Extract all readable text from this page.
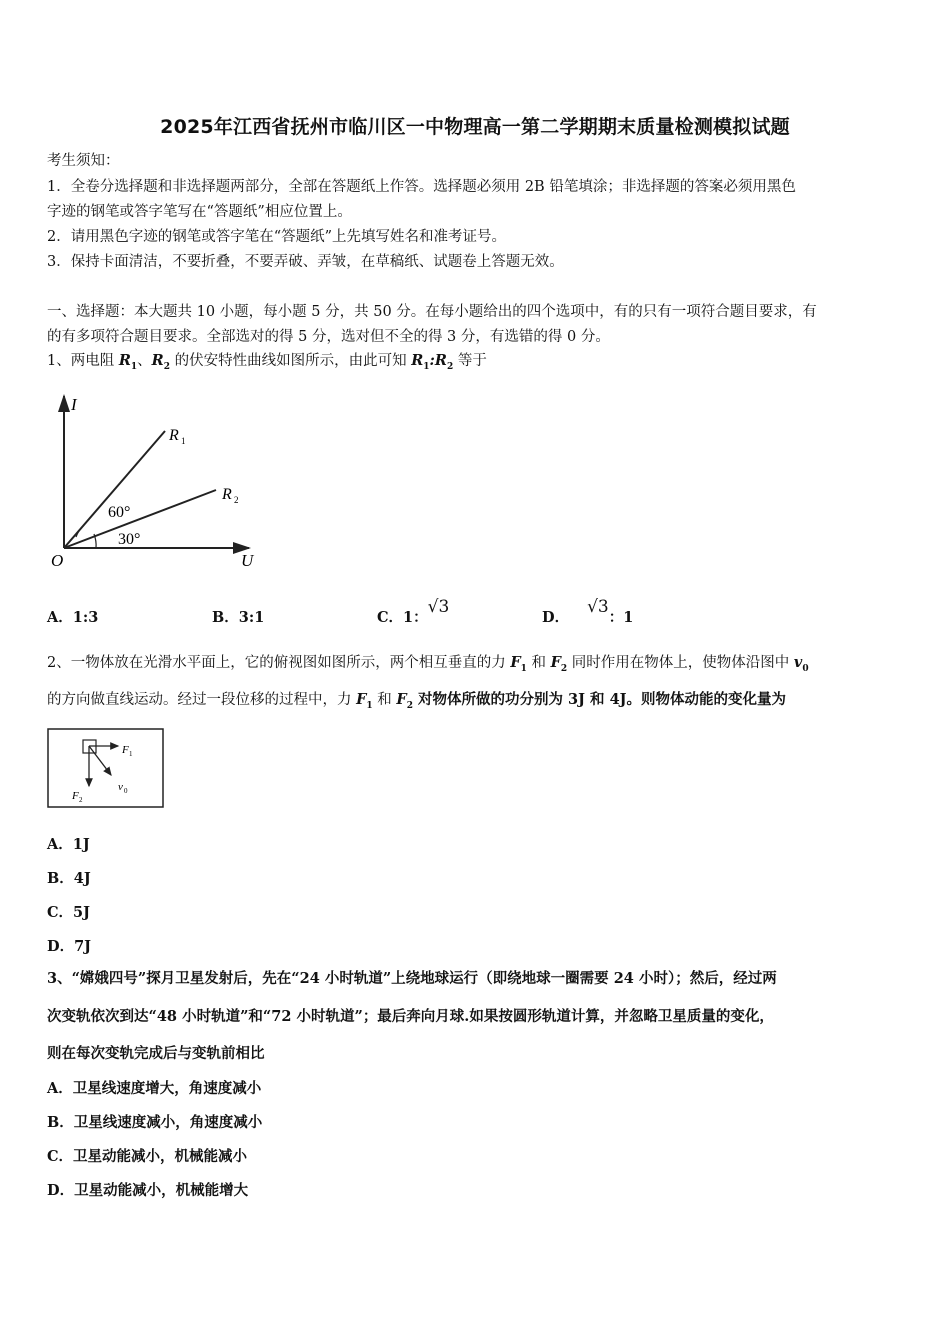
2025年江西省抚州市临川区一中物理高一第二学期期末质量检测模拟试题
考生须知：
1．全卷分选择题和非选择题两部分，全部在答题纸上作答。选择题必须用 2B 铅笔填涂；非选择题的答案必须用黑色
字迹的钢笔或答字笔写在“答题纸”相应位置上。
2．请用黑色字迹的钢笔或答字笔在“答题纸”上先填写姓名和准考证号。
3．保持卡面清洁，不要折叠，不要弄破、弄皱，在草稿纸、试题卷上答题无效。
一、选择题：本大题共 10 小题，每小题 5 分，共 50 分。在每小题给出的四个选项中，有的只有一项符合题目要求，有
的有多项符合题目要求。全部选对的得 5 分，选对但不全的得 3 分，有选错的得 0 分。
1、两电阻 $R_1$、$R_2$ 的伏安特性曲线如图所示，由此可知 $R_1:R_2$ 等于
I
U
O
R 1
R 2
60°
30°
A．1:3	B．3:1	C．1：√3
D．√3：1
2、一物体放在光滑水平面上，它的俯视图如图所示，两个相互垂直的力 $F_1$ 和 $F_2$ 同时作用在物体上，使物体沿图中 $v_0$
的方向做直线运动。经过一段位移的过程中，力 $F_1$ 和 $F_2$ 对物体所做的功分别为 3J 和 4J。则物体动能的变化量为
F 1
F 2
v 0
A．1J
B．4J
C．5J
D．7J
3、“嫦娥四号”探月卫星发射后，先在“24 小时轨道”上绕地球运行（即绕地球一圈需要 24 小时）；然后，经过两
次变轨依次到达“48 小时轨道”和“72 小时轨道”；最后奔向月球.如果按圆形轨道计算，并忽略卫星质量的变化，
则在每次变轨完成后与变轨前相比
A．卫星线速度增大，角速度减小
B．卫星线速度减小，角速度减小
C．卫星动能减小，机械能减小
D．卫星动能减小，机械能增大
